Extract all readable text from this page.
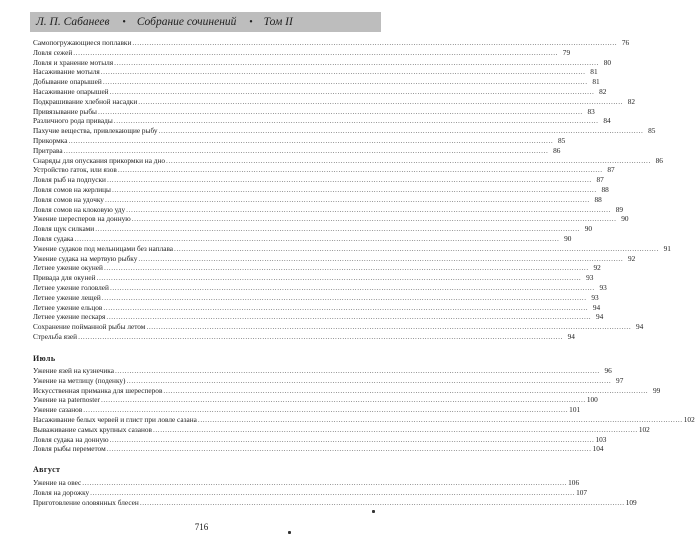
Л. П. Сабанеев • Собрание сочинений • Том II
Самопогружающиеся поплавки ........................................................................................................................................................................................................ 76
Ловля сежей ........................................................................................................................................................................................................ 79
Ловля и хранение мотыля ........................................................................................................................................................................................................ 80
Насаживание мотыля ........................................................................................................................................................................................................ 81
Добывание опарышей ........................................................................................................................................................................................................ 81
Насаживание опарышей ........................................................................................................................................................................................................ 82
Подкрашивание хлебной насадки ........................................................................................................................................................................................................ 82
Привязывание рыбы ........................................................................................................................................................................................................ 83
Различного рода привады ........................................................................................................................................................................................................ 84
Пахучие вещества, привлекающие рыбу ........................................................................................................................................................................................................ 85
Прикормка ........................................................................................................................................................................................................ 85
Притрава ........................................................................................................................................................................................................ 86
Снаряды для опускания прикормки на дно ........................................................................................................................................................................................................ 86
Устройство гаток, или язов ........................................................................................................................................................................................................ 87
Ловля рыб на подпуски ........................................................................................................................................................................................................ 87
Ловля сомов на жерлицы ........................................................................................................................................................................................................ 88
Ловля сомов на удочку ........................................................................................................................................................................................................ 88
Ловля сомов на клоковую уду ........................................................................................................................................................................................................ 89
Ужение шересперов на донную ........................................................................................................................................................................................................ 90
Ловля щук силками ........................................................................................................................................................................................................ 90
Ловля судака ........................................................................................................................................................................................................ 90
Ужение судаков под мельницами без наплава ........................................................................................................................................................................................................ 91
Ужение судака на мертвую рыбку ........................................................................................................................................................................................................ 92
Летнее ужение окуней ........................................................................................................................................................................................................ 92
Привада для окуней ........................................................................................................................................................................................................ 93
Летнее ужение головлей ........................................................................................................................................................................................................ 93
Летнее ужение лещей ........................................................................................................................................................................................................ 93
Летнее ужение ельцов ........................................................................................................................................................................................................ 94
Летнее ужение пескаря ........................................................................................................................................................................................................ 94
Сохранение пойманной рыбы летом ........................................................................................................................................................................................................ 94
Стрельба язей ........................................................................................................................................................................................................ 94
Июль
Ужение язей на кузнечика ........................................................................................................................................................................................................ 96
Ужение на метлицу (поденку) ........................................................................................................................................................................................................ 97
Искусственная приманка для шересперов ........................................................................................................................................................................................................ 99
Ужение на paternoster ........................................................................................................................................................................................................ 100
Ужение сазанов ........................................................................................................................................................................................................ 101
Насаживание белых червей и глист при ловле сазана ........................................................................................................................................................................................................ 102
Вываживание самых крупных сазанов ........................................................................................................................................................................................................ 102
Ловля судака на донную ........................................................................................................................................................................................................ 103
Ловля рыбы переметом ........................................................................................................................................................................................................ 104
Август
Ужение на овес ........................................................................................................................................................................................................ 106
Ловля на дорожку ........................................................................................................................................................................................................ 107
Приготовление оловянных блесен ........................................................................................................................................................................................................ 109
716
